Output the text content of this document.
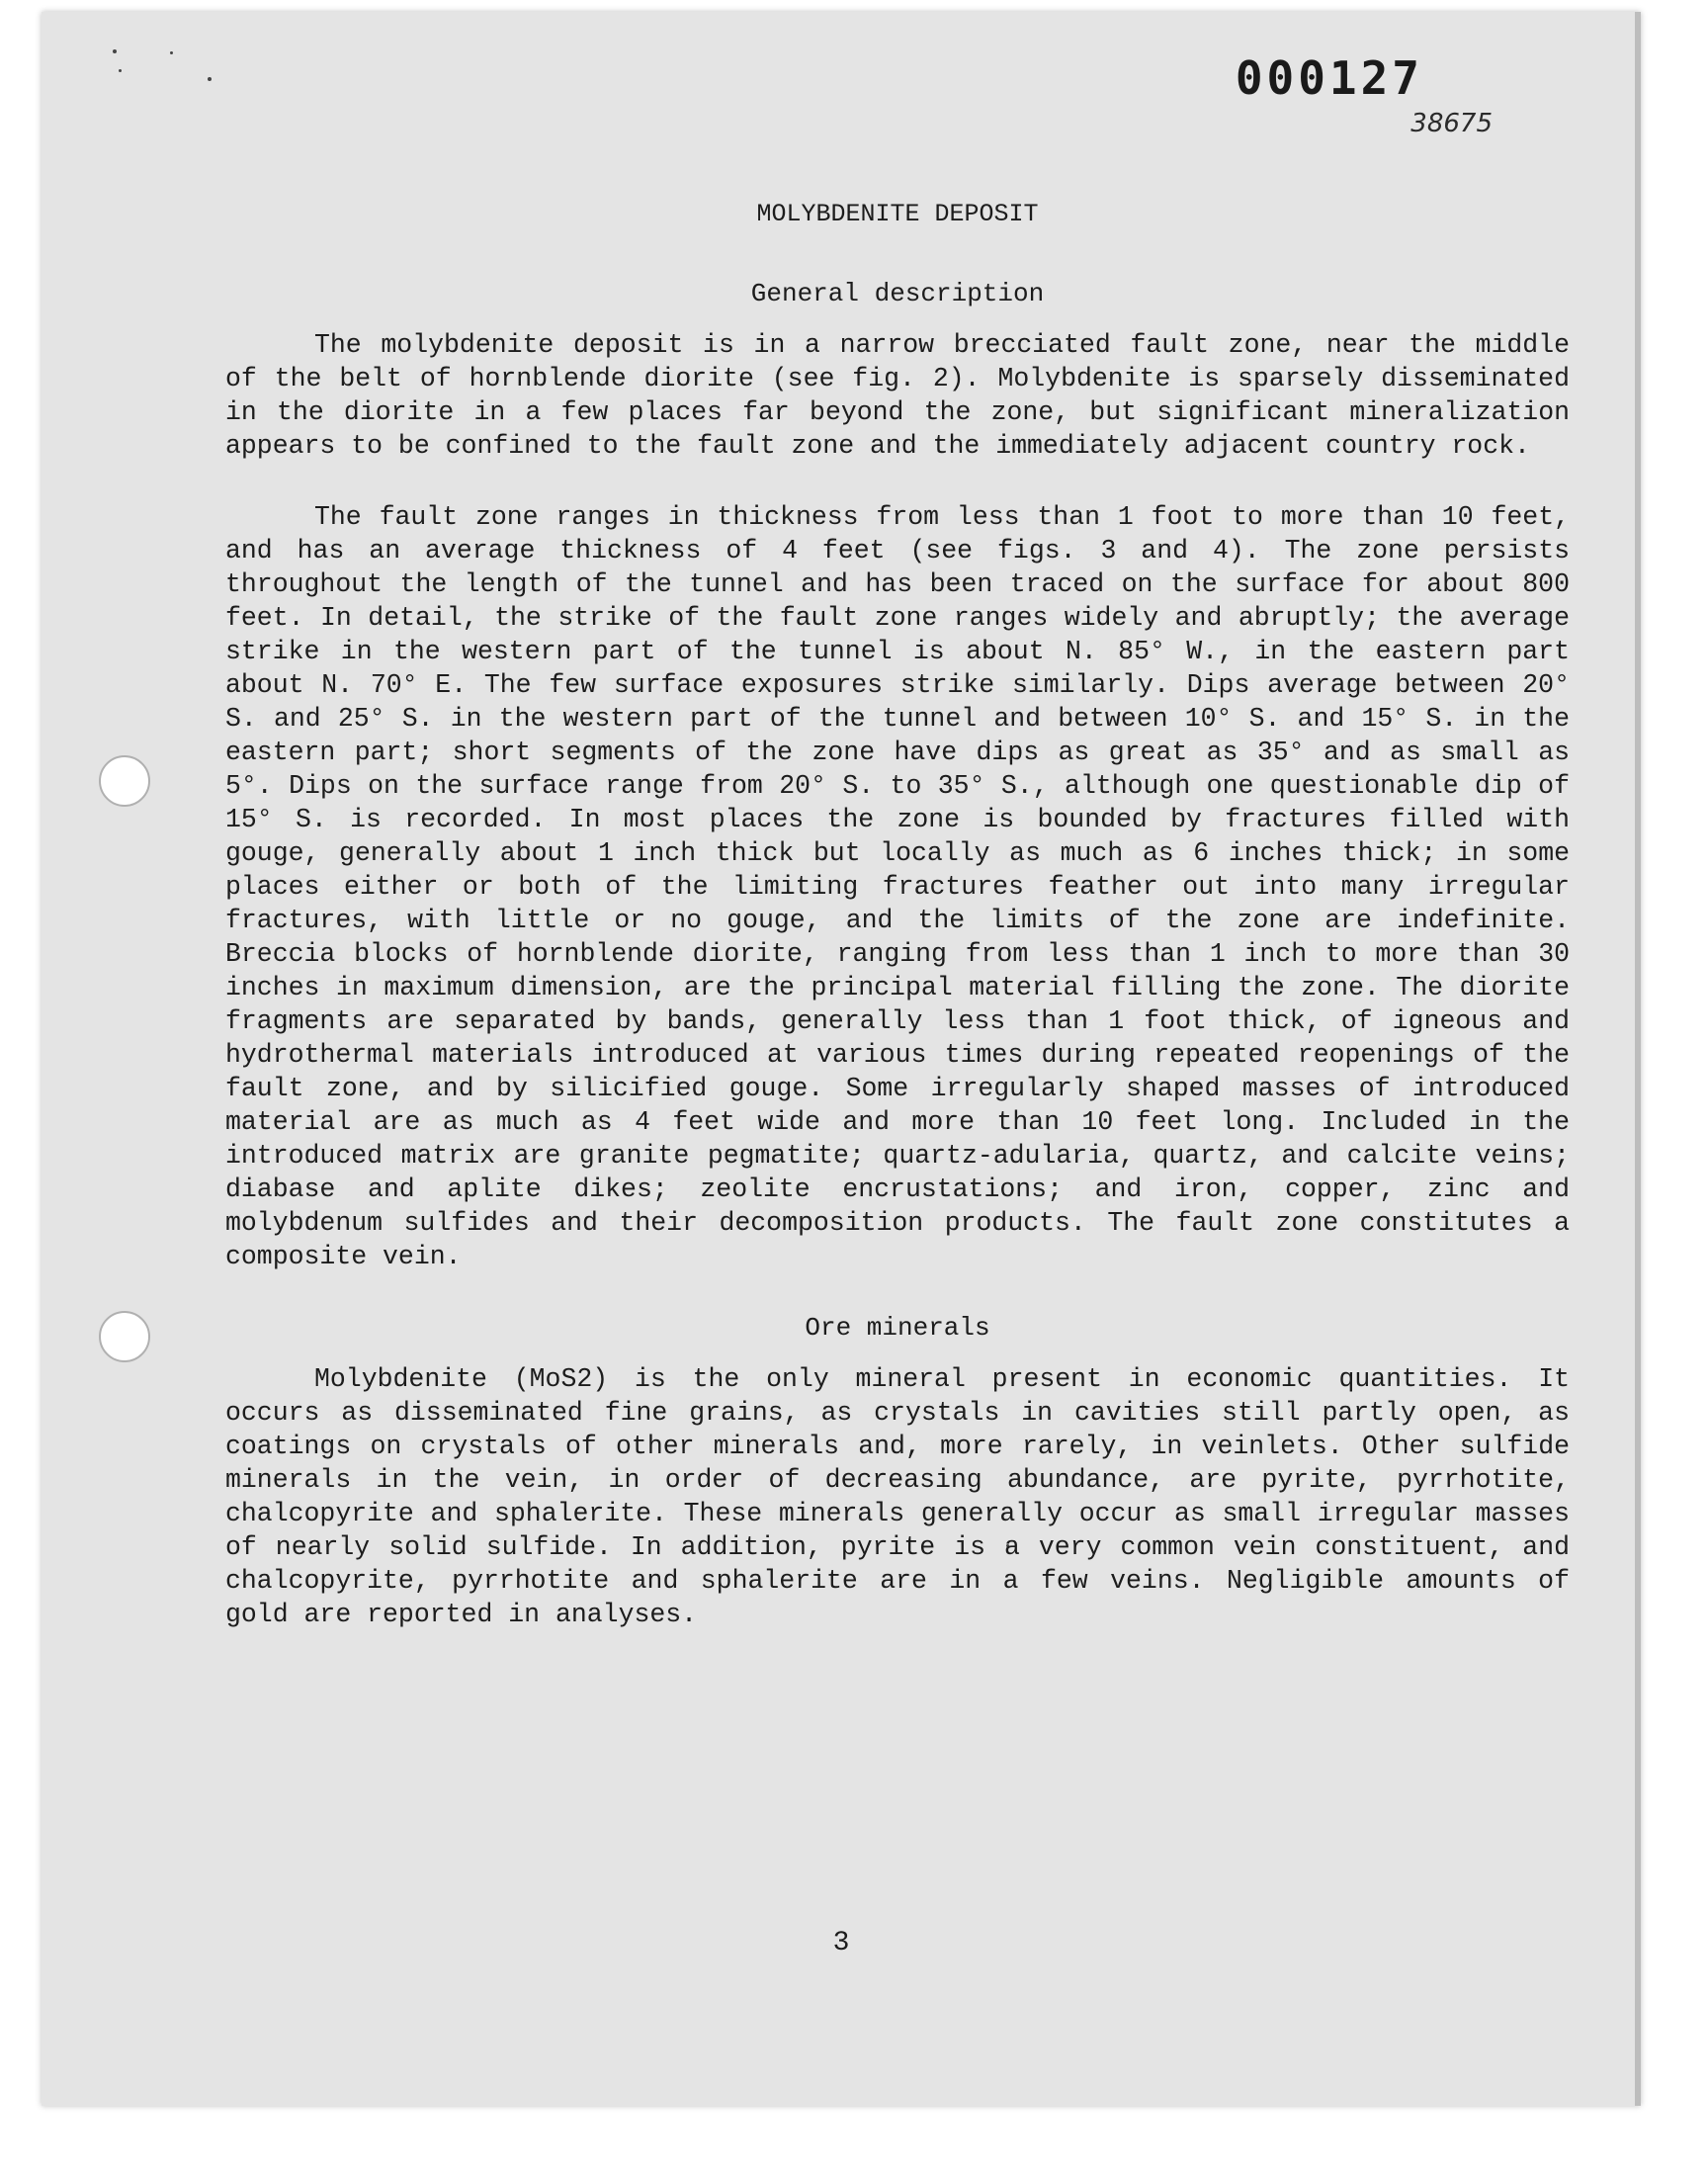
000127
38675
MOLYBDENITE DEPOSIT
General description

The molybdenite deposit is in a narrow brecciated fault zone, near the middle of the belt of hornblende diorite (see fig. 2). Molybdenite is sparsely disseminated in the diorite in a few places far beyond the zone, but significant mineralization appears to be confined to the fault zone and the immediately adjacent country rock.

The fault zone ranges in thickness from less than 1 foot to more than 10 feet, and has an average thickness of 4 feet (see figs. 3 and 4). The zone persists throughout the length of the tunnel and has been traced on the surface for about 800 feet. In detail, the strike of the fault zone ranges widely and abruptly; the average strike in the western part of the tunnel is about N. 85° W., in the eastern part about N. 70° E. The few surface exposures strike similarly. Dips average between 20° S. and 25° S. in the western part of the tunnel and between 10° S. and 15° S. in the eastern part; short segments of the zone have dips as great as 35° and as small as 5°. Dips on the surface range from 20° S. to 35° S., although one questionable dip of 15° S. is recorded. In most places the zone is bounded by fractures filled with gouge, generally about 1 inch thick but locally as much as 6 inches thick; in some places either or both of the limiting fractures feather out into many irregular fractures, with little or no gouge, and the limits of the zone are indefinite. Breccia blocks of hornblende diorite, ranging from less than 1 inch to more than 30 inches in maximum dimension, are the principal material filling the zone. The diorite fragments are separated by bands, generally less than 1 foot thick, of igneous and hydrothermal materials introduced at various times during repeated reopenings of the fault zone, and by silicified gouge. Some irregularly shaped masses of introduced material are as much as 4 feet wide and more than 10 feet long. Included in the introduced matrix are granite pegmatite; quartz-adularia, quartz, and calcite veins; diabase and aplite dikes; zeolite encrustations; and iron, copper, zinc and molybdenum sulfides and their decomposition products. The fault zone constitutes a composite vein.

Ore minerals

Molybdenite (MoS2) is the only mineral present in economic quantities. It occurs as disseminated fine grains, as crystals in cavities still partly open, as coatings on crystals of other minerals and, more rarely, in veinlets. Other sulfide minerals in the vein, in order of decreasing abundance, are pyrite, pyrrhotite, chalcopyrite and sphalerite. These minerals generally occur as small irregular masses of nearly solid sulfide. In addition, pyrite is a very common vein constituent, and chalcopyrite, pyrrhotite and sphalerite are in a few veins. Negligible amounts of gold are reported in analyses.

3
